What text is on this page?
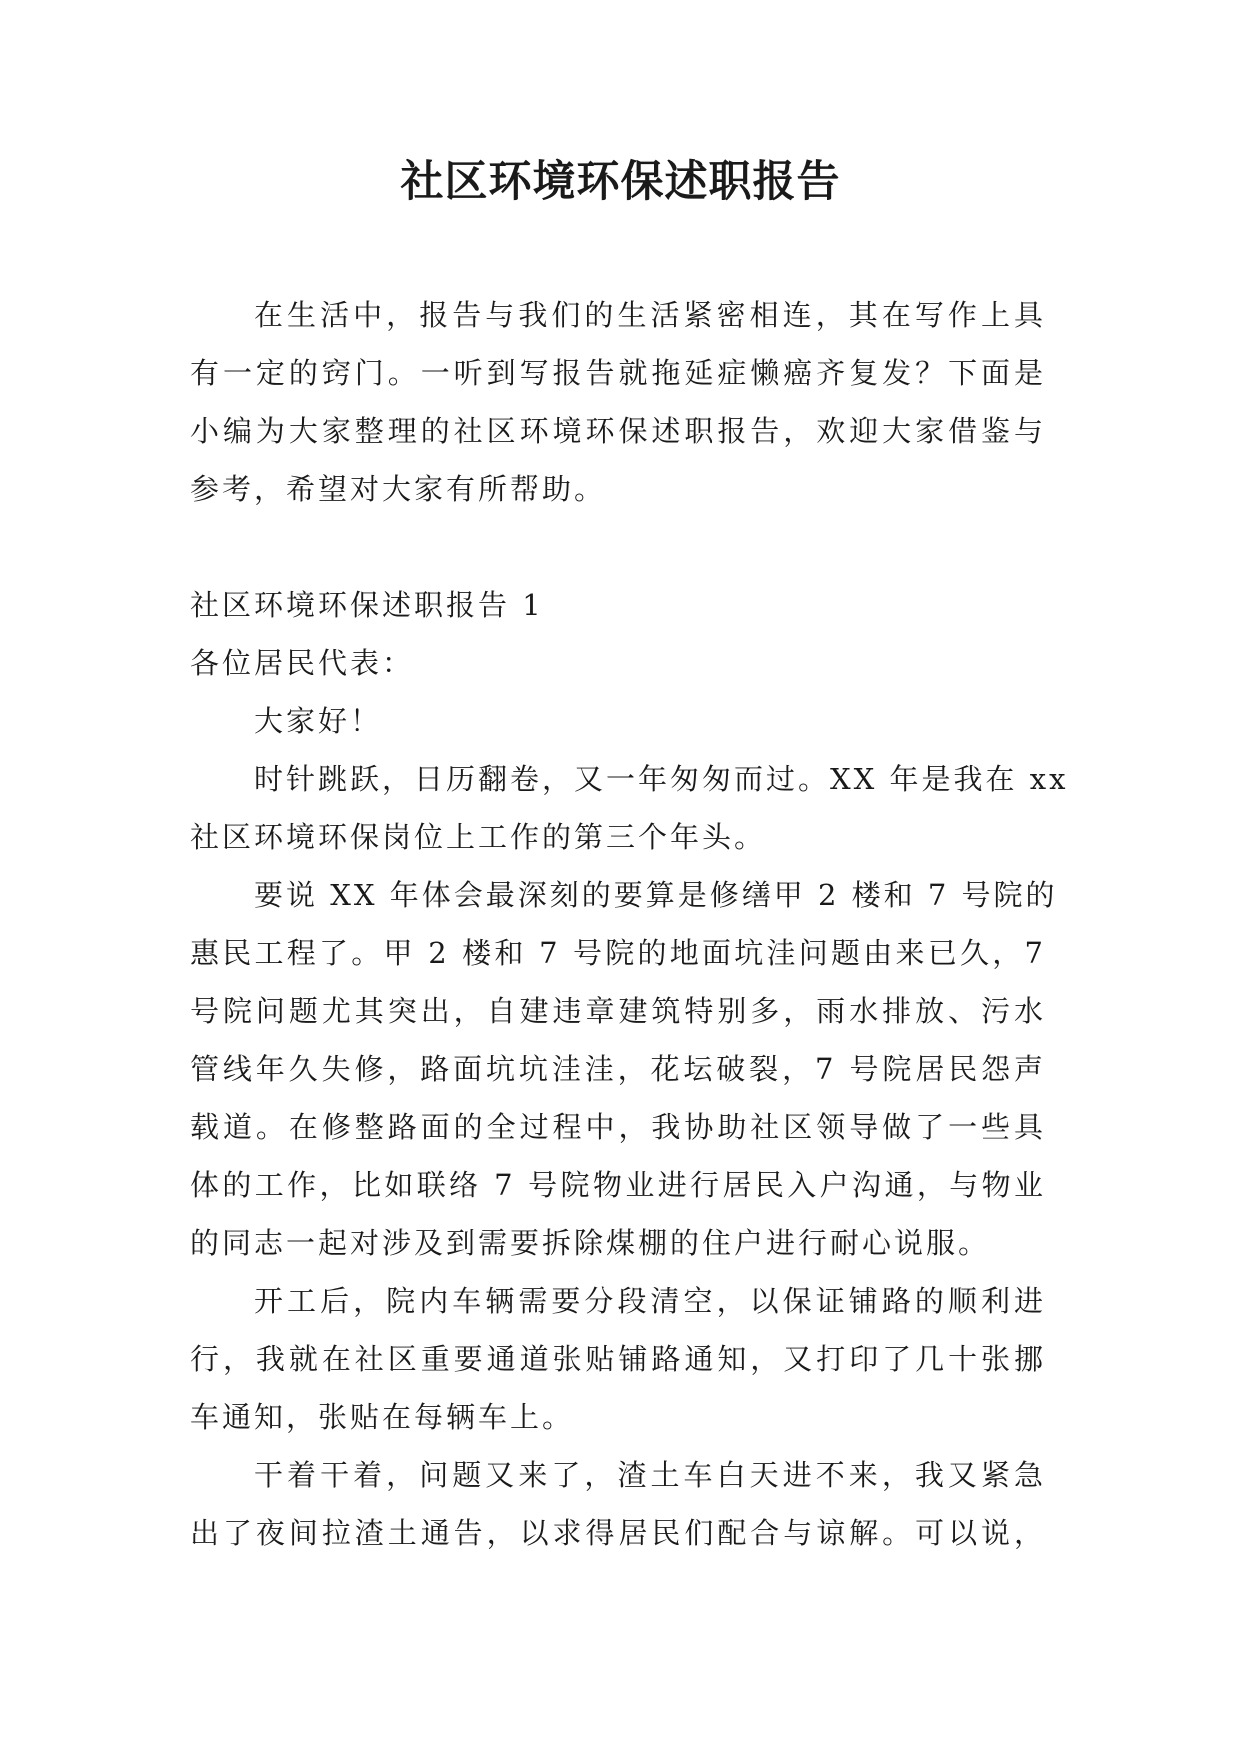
社区环境环保述职报告
在生活中，报告与我们的生活紧密相连，其在写作上具
有一定的窍门。一听到写报告就拖延症懒癌齐复发？下面是
小编为大家整理的社区环境环保述职报告，欢迎大家借鉴与
参考，希望对大家有所帮助。
社区环境环保述职报告 1
各位居民代表：
大家好！
时针跳跃，日历翻卷，又一年匆匆而过。XX 年是我在 xx
社区环境环保岗位上工作的第三个年头。
要说 XX 年体会最深刻的要算是修缮甲 2 楼和 7 号院的
惠民工程了。甲 2 楼和 7 号院的地面坑洼问题由来已久，7
号院问题尤其突出，自建违章建筑特别多，雨水排放、污水
管线年久失修，路面坑坑洼洼，花坛破裂，7 号院居民怨声
载道。在修整路面的全过程中，我协助社区领导做了一些具
体的工作，比如联络 7 号院物业进行居民入户沟通，与物业
的同志一起对涉及到需要拆除煤棚的住户进行耐心说服。
开工后，院内车辆需要分段清空，以保证铺路的顺利进
行，我就在社区重要通道张贴铺路通知，又打印了几十张挪
车通知，张贴在每辆车上。
干着干着，问题又来了，渣土车白天进不来，我又紧急
出了夜间拉渣土通告，以求得居民们配合与谅解。可以说，
